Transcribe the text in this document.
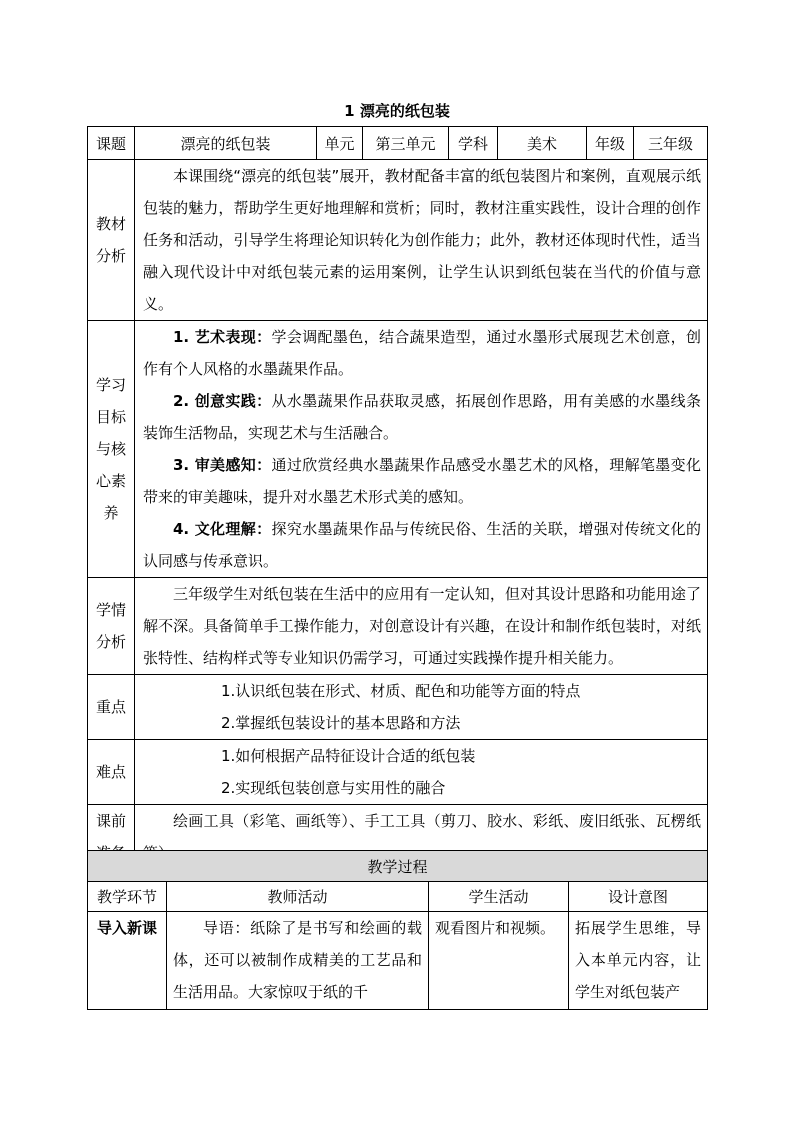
1 漂亮的纸包装
课题	漂亮的纸包装	单元	第三单元	学科	美术	年级	三年级
教材分析	本课围绕“漂亮的纸包装”展开，教材配备丰富的纸包装图片和案例，直观展示纸包装的魅力，帮助学生更好地理解和赏析；同时，教材注重实践性，设计合理的创作任务和活动，引导学生将理论知识转化为创作能力；此外，教材还体现时代性，适当融入现代设计中对纸包装元素的运用案例，让学生认识到纸包装在当代的价值与意义。						
学习目标与核心素养	1. 艺术表现：学会调配墨色，结合蔬果造型，通过水墨形式展现艺术创意，创作有个人风格的水墨蔬果作品。

2. 创意实践：从水墨蔬果作品获取灵感，拓展创作思路，用有美感的水墨线条装饰生活物品，实现艺术与生活融合。

3. 审美感知：通过欣赏经典水墨蔬果作品感受水墨艺术的风格，理解笔墨变化带来的审美趣味，提升对水墨艺术形式美的感知。

4. 文化理解：探究水墨蔬果作品与传统民俗、生活的关联，增强对传统文化的认同感与传承意识。						

学情分析	三年级学生对纸包装在生活中的应用有一定认知，但对其设计思路和功能用途了解不深。具备简单手工操作能力，对创意设计有兴趣，在设计和制作纸包装时，对纸张特性、结构样式等专业知识仍需学习，可通过实践操作提升相关能力。						
重点	1.认识纸包装在形式、材质、配色和功能等方面的特点
2.掌握纸包装设计的基本思路和方法						

难点	1.如何根据产品特征设计合适的纸包装
2.实现纸包装创意与实用性的融合						

课前	绘画工具（彩笔、画纸等）、手工工具（剪刀、胶水、彩纸、废旧纸张、瓦楞纸						
教学过程			
教学环节	教师活动	学生活动	设计意图
导入新课	导语：纸除了是书写和绘画的载体，还可以被制作成精美的工艺品和生活用品。大家惊叹于纸的千	观看图片和视频。	拓展学生思维，导入本单元内容，让学生对纸包装产
